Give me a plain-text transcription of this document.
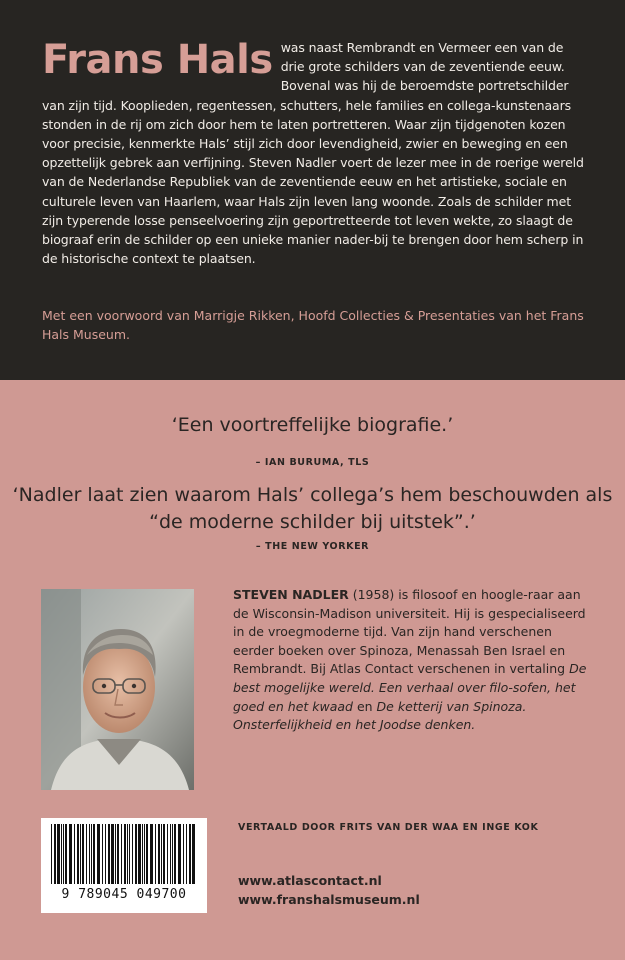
Frans Hals was naast Rembrandt en Vermeer een van de drie grote schilders van de zeventiende eeuw. Bovenal was hij de beroemdste portretschilder van zijn tijd. Kooplieden, regentessen, schutters, hele families en collega-kunstenaars stonden in de rij om zich door hem te laten portretteren. Waar zijn tijdgenoten kozen voor precisie, kenmerkte Hals’ stijl zich door levendigheid, zwier en beweging en een opzettelijk gebrek aan verfijning. Steven Nadler voert de lezer mee in de roerige wereld van de Nederlandse Republiek van de zeventiende eeuw en het artistieke, sociale en culturele leven van Haarlem, waar Hals zijn leven lang woonde. Zoals de schilder met zijn typerende losse penseelvoering zijn geportretteerde tot leven wekte, zo slaagt de biograaf erin de schilder op een unieke manier nader-bij te brengen door hem scherp in de historische context te plaatsen.
Met een voorwoord van Marrigje Rikken, Hoofd Collecties & Presentaties van het Frans Hals Museum.
‘Een voortreffelijke biografie.’
– IAN BURUMA, TLS
‘Nadler laat zien waarom Hals’ collega’s hem beschouwden als “de moderne schilder bij uitstek”.’
– THE NEW YORKER
STEVEN NADLER (1958) is filosoof en hoogle-raar aan de Wisconsin-Madison universiteit. Hij is gespecialiseerd in de vroegmoderne tijd. Van zijn hand verschenen eerder boeken over Spinoza, Menassah Ben Israel en Rembrandt. Bij Atlas Contact verschenen in vertaling De best mogelijke wereld. Een verhaal over filo-sofen, het goed en het kwaad en De ketterij van Spinoza. Onsterfelijkheid en het Joodse denken.
9 789045 049700
VERTAALD DOOR FRITS VAN DER WAA EN INGE KOK
www.atlascontact.nl
www.franshalsmuseum.nl
